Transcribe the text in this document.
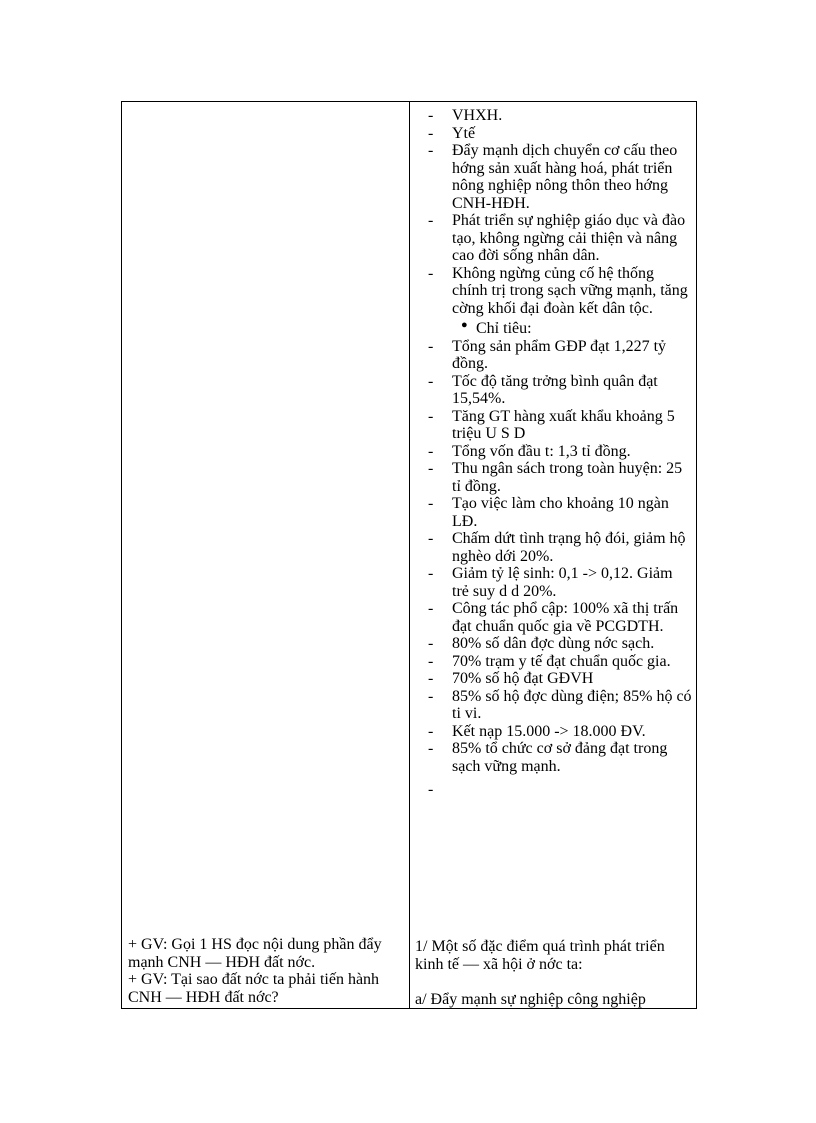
+ GV: Gọi 1 HS đọc nội dung phần đẩy mạnh CNH — HĐH đất nớc.

+ GV: Tại sao đất nớc ta phải tiến hành CNH — HĐH đất nớc?

- VHXH.
- Ytế
- Đẩy mạnh dịch chuyển cơ cấu theo hớng sản xuất hàng hoá, phát triển nông nghiệp nông thôn theo hớng CNH-HĐH.
- Phát triển sự nghiệp giáo dục và đào tạo, không ngừng cải thiện và nâng cao đời sống nhân dân.
- Không ngừng củng cố hệ thống chính trị trong sạch vững mạnh, tăng cờng khối đại đoàn kết dân tộc.
● Chỉ tiêu:
- Tổng sản phẩm GĐP đạt 1,227 tỷ đồng.
- Tốc độ tăng trởng bình quân đạt 15,54%.
- Tăng GT hàng xuất khẩu khoảng 5 triệu U S D
- Tổng vốn đầu t: 1,3 tỉ đồng.
- Thu ngân sách trong toàn huyện: 25 tỉ đồng.
- Tạo việc làm cho khoảng 10 ngàn LĐ.
- Chấm dứt tình trạng hộ đói, giảm hộ nghèo dới 20%.
- Giảm tỷ lệ sinh: 0,1 -> 0,12. Giảm trẻ suy d d 20%.
- Công tác phổ cập: 100% xã thị trấn đạt chuẩn quốc gia về PCGDTH.
- 80% số dân đợc dùng nớc sạch.
- 70% trạm y tế đạt chuẩn quốc gia.
- 70% số hộ đạt GĐVH
- 85% số hộ đợc dùng điện; 85% hộ có ti vi.
- Kết nạp 15.000 -> 18.000 ĐV.
- 85% tổ chức cơ sở đảng đạt trong sạch vững mạnh.
-

1/ Một số đặc điểm quá trình phát triển kinh tế — xã hội ở nớc ta:

a/ Đẩy mạnh sự nghiệp công nghiệp
